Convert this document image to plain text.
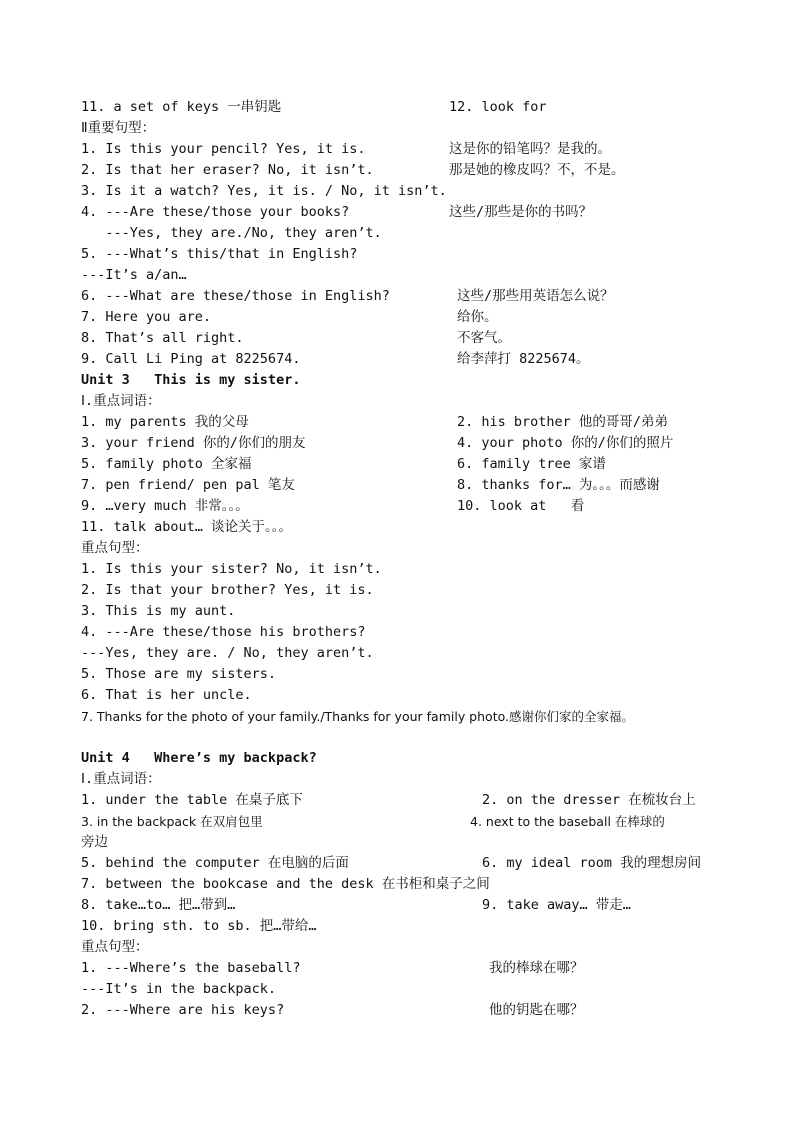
11. a set of keys 一串钥匙	12. look for
Ⅱ重要句型：
1. Is this your pencil? Yes, it is.	这是你的铅笔吗？是我的。
2. Is that her eraser? No, it isn’t.	那是她的橡皮吗？不，不是。
3. Is it a watch? Yes, it is. / No, it isn’t.
4. ---Are these/those your books?	这些/那些是你的书吗？
---Yes, they are./No, they aren’t.
5. ---What’s this/that in English?
---It’s a/an…
6. ---What are these/those in English?	这些/那些用英语怎么说？
7. Here you are.	给你。
8. That’s all right.	不客气。
9. Call Li Ping at 8225674.	给李萍打 8225674。
Unit 3   This is my sister.
Ⅰ.重点词语：
1. my parents 我的父母	2. his brother 他的哥哥/弟弟
3. your friend 你的/你们的朋友	4. your photo 你的/你们的照片
5. family photo 全家福	6. family tree 家谱
7. pen friend/ pen pal 笔友	8. thanks for… 为。。。而感谢
9. …very much 非常。。。	10. look at   看
11. talk about… 谈论关于。。。
重点句型：
1. Is this your sister? No, it isn’t.
2. Is that your brother? Yes, it is.
3. This is my aunt.
4. ---Are these/those his brothers?
---Yes, they are. / No, they aren’t.
5. Those are my sisters.
6. That is her uncle.
7. Thanks for the photo of your family./Thanks for your family photo.感谢你们家的全家福。
Unit 4   Where’s my backpack?
Ⅰ.重点词语：
1. under the table 在桌子底下	2. on the dresser 在梳妆台上
3. in the backpack 在双肩包里	4. next to the baseball 在棒球的
旁边
5. behind the computer 在电脑的后面	6. my ideal room 我的理想房间
7. between the bookcase and the desk 在书柜和桌子之间
8. take…to… 把…带到…	9. take away… 带走…
10. bring sth. to sb. 把…带给…
重点句型：
1. ---Where’s the baseball?	我的棒球在哪？
---It’s in the backpack.
2. ---Where are his keys?	他的钥匙在哪？
